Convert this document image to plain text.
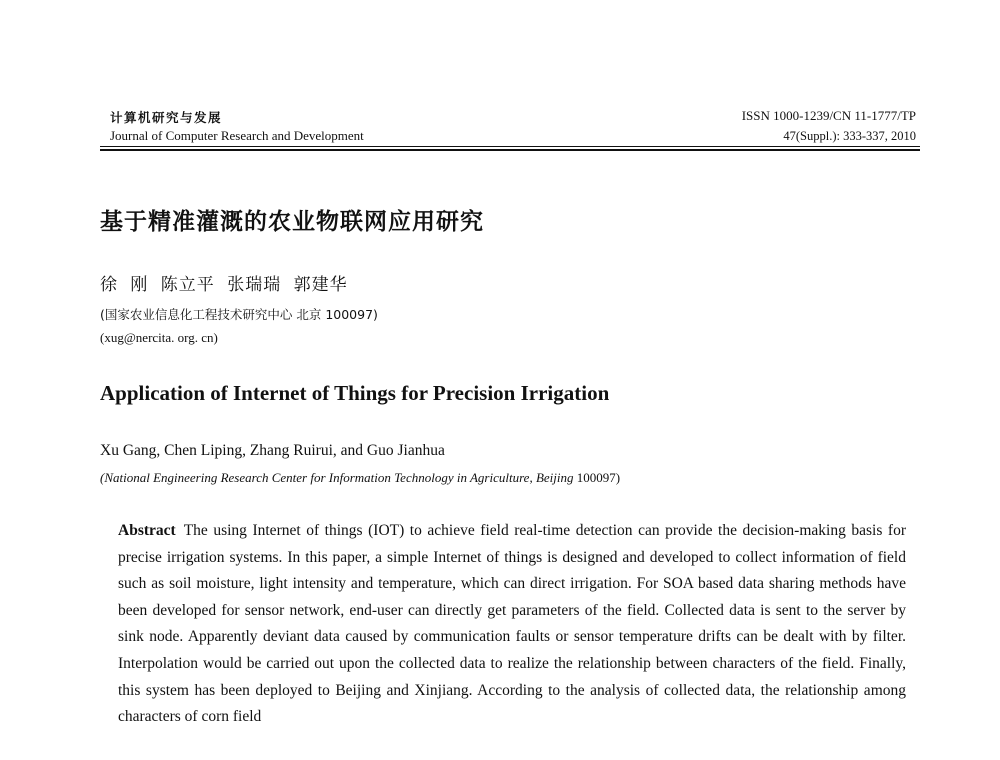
计算机研究与发展
Journal of Computer Research and Development
ISSN 1000-1239/CN 11-1777/TP
47(Suppl.): 333-337, 2010
基于精准灌溉的农业物联网应用研究
徐 刚 陈立平 张瑞瑞 郭建华
(国家农业信息化工程技术研究中心 北京 100097)
(xug@nercita. org. cn)
Application of Internet of Things for Precision Irrigation
Xu Gang, Chen Liping, Zhang Ruirui, and Guo Jianhua
(National Engineering Research Center for Information Technology in Agriculture, Beijing 100097)

Abstract The using Internet of things (IOT) to achieve field real-time detection can provide the decision-making basis for precise irrigation systems. In this paper, a simple Internet of things is designed and developed to collect information of field such as soil moisture, light intensity and temperature, which can direct irrigation. For SOA based data sharing methods have been developed for sensor network, end-user can directly get parameters of the field. Collected data is sent to the server by sink node. Apparently deviant data caused by communication faults or sensor temperature drifts can be dealt with by filter. Interpolation would be carried out upon the collected data to realize the relationship between characters of the field. Finally, this system has been deployed to Beijing and Xinjiang. According to the analysis of collected data, the relationship among characters of corn field
